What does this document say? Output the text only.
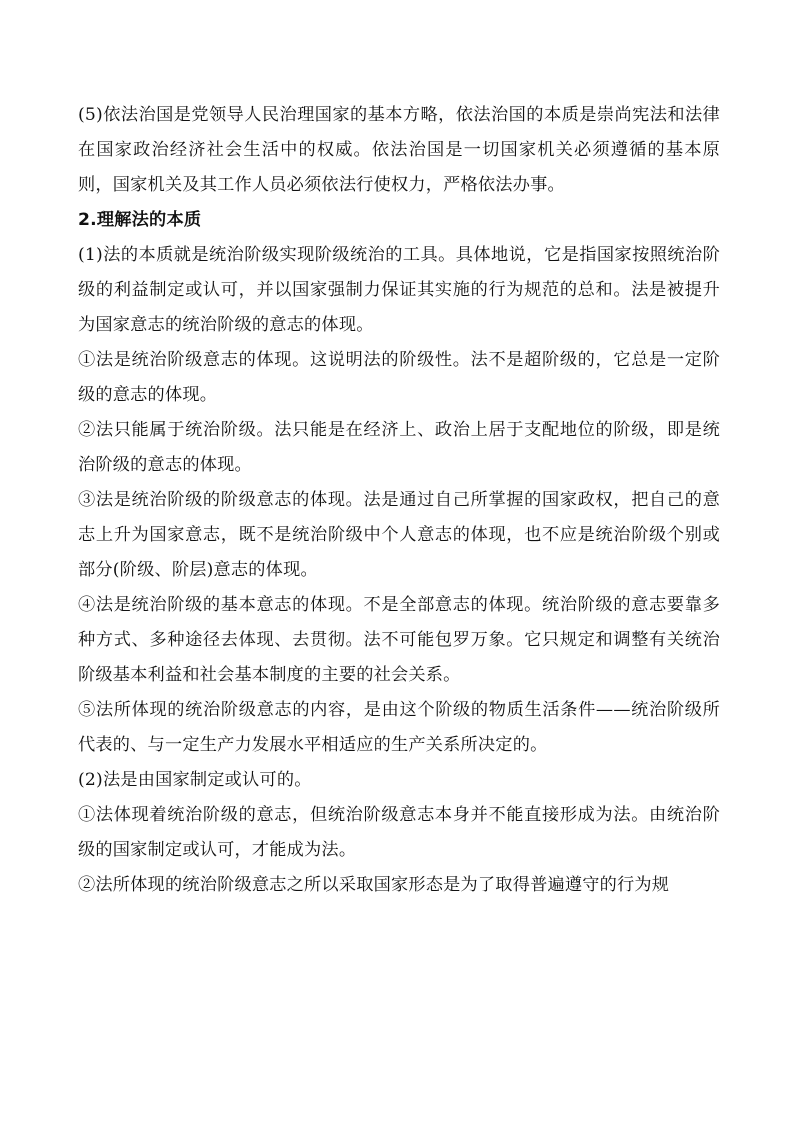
(5)依法治国是党领导人民治理国家的基本方略，依法治国的本质是崇尚宪法和法律在国家政治经济社会生活中的权威。依法治国是一切国家机关必须遵循的基本原则，国家机关及其工作人员必须依法行使权力，严格依法办事。

2.理解法的本质

(1)法的本质就是统治阶级实现阶级统治的工具。具体地说，它是指国家按照统治阶级的利益制定或认可，并以国家强制力保证其实施的行为规范的总和。法是被提升为国家意志的统治阶级的意志的体现。

①法是统治阶级意志的体现。这说明法的阶级性。法不是超阶级的，它总是一定阶级的意志的体现。

②法只能属于统治阶级。法只能是在经济上、政治上居于支配地位的阶级，即是统治阶级的意志的体现。

③法是统治阶级的阶级意志的体现。法是通过自己所掌握的国家政权，把自己的意志上升为国家意志，既不是统治阶级中个人意志的体现，也不应是统治阶级个别或部分(阶级、阶层)意志的体现。

④法是统治阶级的基本意志的体现。不是全部意志的体现。统治阶级的意志要靠多种方式、多种途径去体现、去贯彻。法不可能包罗万象。它只规定和调整有关统治阶级基本利益和社会基本制度的主要的社会关系。

⑤法所体现的统治阶级意志的内容，是由这个阶级的物质生活条件——统治阶级所代表的、与一定生产力发展水平相适应的生产关系所决定的。

(2)法是由国家制定或认可的。

①法体现着统治阶级的意志，但统治阶级意志本身并不能直接形成为法。由统治阶级的国家制定或认可，才能成为法。

②法所体现的统治阶级意志之所以采取国家形态是为了取得普遍遵守的行为规
